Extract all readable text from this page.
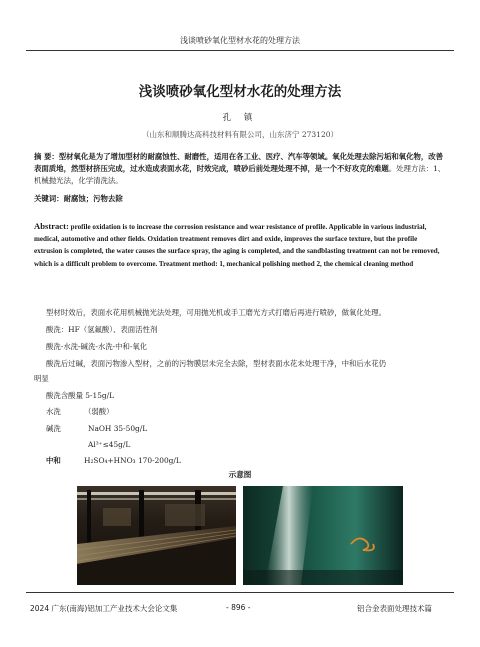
浅谈喷砂氧化型材水花的处理方法
浅谈喷砂氧化型材水花的处理方法
孔 镇
（山东和顺腾达高科技材料有限公司，山东济宁 273120）
摘 要：型材氧化是为了增加型材的耐腐蚀性、耐磨性，适用在各工业、医疗、汽车等领域。氧化处理去除污垢和氧化物，改善表面质地，然型材挤压完成，过水造成表面水花，时效完成，喷砂后前处理处理不掉，是一个不好攻克的难题。处理方法：1、机械抛光法，化学清洗法。
关键词：耐腐蚀；污物去除
Abstract: profile oxidation is to increase the corrosion resistance and wear resistance of profile. Applicable in various industrial, medical, automotive and other fields. Oxidation treatment removes dirt and oxide, improves the surface texture, but the profile extrusion is completed, the water causes the surface spray, the aging is completed, and the sandblasting treatment can not be removed, which is a difficult problem to overcome. Treatment method: 1, mechanical polishing method 2, the chemical cleaning method
型材时效后，表面水花用机械抛光法处理，可用抛光机或手工磨光方式打磨后再进行喷砂，做氧化处理。
酸洗：HF（氢氟酸）、表面活性剂
酸洗-水洗-碱洗-水洗-中和-氧化
酸洗后过碱，表面污物渗入型材，之前的污物膜层未完全去除，型材表面水花未处理干净，中和后水花仍
明显
酸洗含酸量 5-15g/L
水洗	（弱酸）
碱洗	NaOH 35-50g/L
Al³⁺≤45g/L
中和	H₂SO₄+HNO₃ 170-200g/L
示意图
2024 广东(南海)铝加工产业技术大会论文集	- 896 -	铝合金表面处理技术篇
